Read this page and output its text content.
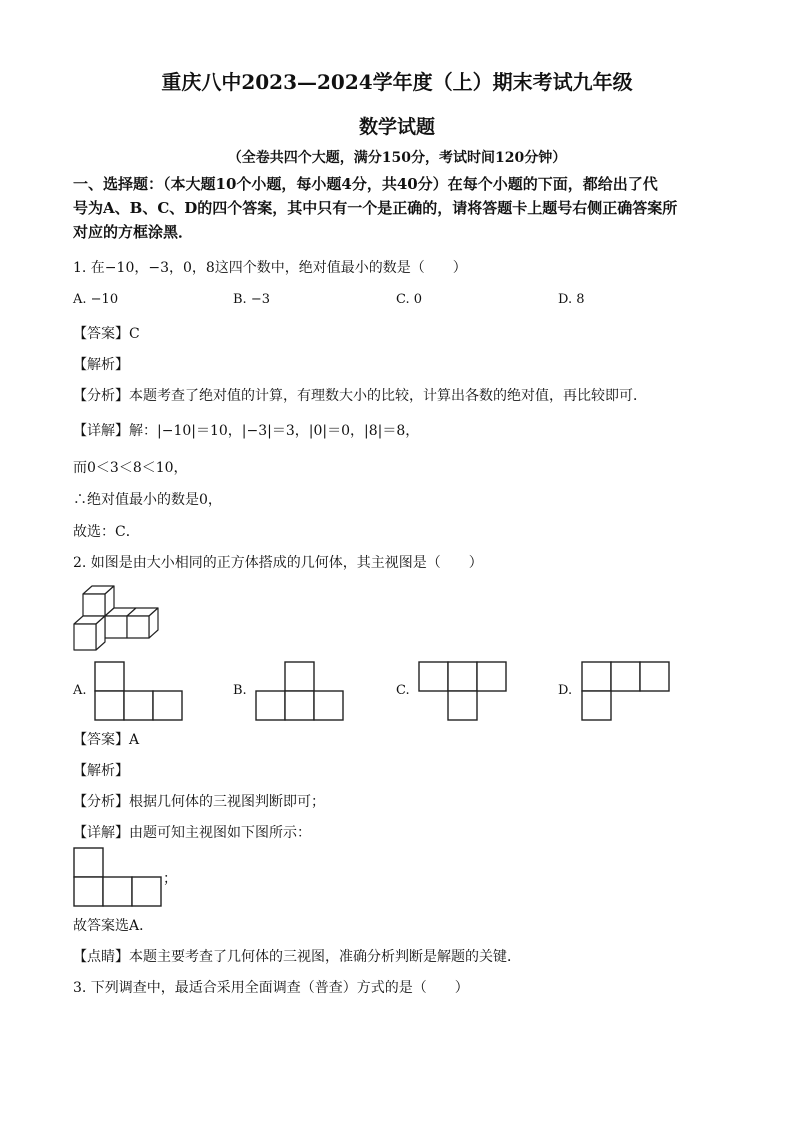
重庆八中2023—2024学年度（上）期末考试九年级
数学试题
（全卷共四个大题，满分150分，考试时间120分钟）
一、选择题：（本大题10个小题，每小题4分，共40分）在每个小题的下面，都给出了代
号为A、B、C、D的四个答案，其中只有一个是正确的，请将答题卡上题号右侧正确答案所
对应的方框涂黑．
1. 在−10，−3，0，8这四个数中，绝对值最小的数是（　　）
A. −10	B. −3	C. 0	D. 8
【答案】C
【解析】
【分析】本题考查了绝对值的计算，有理数大小的比较，计算出各数的绝对值，再比较即可．
【详解】解：|−10|＝10，|−3|＝3，|0|＝0，|8|＝8，
而0＜3＜8＜10，
∴绝对值最小的数是0，
故选：C．
2. 如图是由大小相同的正方体搭成的几何体，其主视图是（　　）
A.	B.	C.	D.
【答案】A
【解析】
【分析】根据几何体的三视图判断即可；
【详解】由题可知主视图如下图所示：
；
故答案选A．
【点睛】本题主要考查了几何体的三视图，准确分析判断是解题的关键．
3. 下列调查中，最适合采用全面调查（普查）方式的是（　　）
